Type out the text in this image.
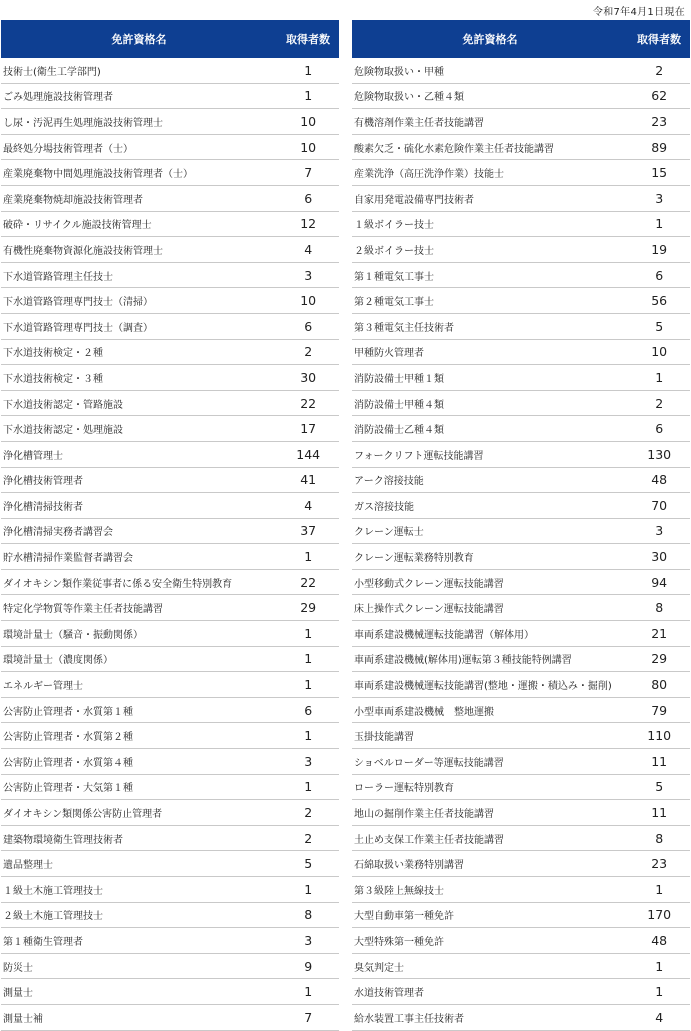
令和7年4月1日現在
免許資格名	取得者数
技術士(衛生工学部門)	1
ごみ処理施設技術管理者	1
し尿・汚泥再生処理施設技術管理士	10
最終処分場技術管理者（士）	10
産業廃棄物中間処理施設技術管理者（士）	7
産業廃棄物焼却施設技術管理者	6
破砕・リサイクル施設技術管理士	12
有機性廃棄物資源化施設技術管理士	4
下水道管路管理主任技士	3
下水道管路管理専門技士（清掃）	10
下水道管路管理専門技士（調査）	6
下水道技術検定・２種	2
下水道技術検定・３種	30
下水道技術認定・管路施設	22
下水道技術認定・処理施設	17
浄化槽管理士	144
浄化槽技術管理者	41
浄化槽清掃技術者	4
浄化槽清掃実務者講習会	37
貯水槽清掃作業監督者講習会	1
ダイオキシン類作業従事者に係る安全衛生特別教育	22
特定化学物質等作業主任者技能講習	29
環境計量士（騒音・振動関係）	1
環境計量士（濃度関係）	1
エネルギー管理士	1
公害防止管理者・水質第１種	6
公害防止管理者・水質第２種	1
公害防止管理者・水質第４種	3
公害防止管理者・大気第１種	1
ダイオキシン類関係公害防止管理者	2
建築物環境衛生管理技術者	2
遺品整理士	5
１級土木施工管理技士	1
２級土木施工管理技士	8
第１種衛生管理者	3
防災士	9
測量士	1
測量士補	7
免許資格名	取得者数
危険物取扱い・甲種	2
危険物取扱い・乙種４類	62
有機溶剤作業主任者技能講習	23
酸素欠乏・硫化水素危険作業主任者技能講習	89
産業洗浄（高圧洗浄作業）技能士	15
自家用発電設備専門技術者	3
１級ボイラー技士	1
２級ボイラー技士	19
第１種電気工事士	6
第２種電気工事士	56
第３種電気主任技術者	5
甲種防火管理者	10
消防設備士甲種１類	1
消防設備士甲種４類	2
消防設備士乙種４類	6
フォークリフト運転技能講習	130
アーク溶接技能	48
ガス溶接技能	70
クレーン運転士	3
クレーン運転業務特別教育	30
小型移動式クレーン運転技能講習	94
床上操作式クレーン運転技能講習	8
車両系建設機械運転技能講習（解体用）	21
車両系建設機械(解体用)運転第３種技能特例講習	29
車両系建設機械運転技能講習(整地・運搬・積込み・掘削)	80
小型車両系建設機械　整地運搬	79
玉掛技能講習	110
ショベルローダー等運転技能講習	11
ローラー運転特別教育	5
地山の掘削作業主任者技能講習	11
土止め支保工作業主任者技能講習	8
石綿取扱い業務特別講習	23
第３級陸上無線技士	1
大型自動車第一種免許	170
大型特殊第一種免許	48
臭気判定士	1
水道技術管理者	1
給水装置工事主任技術者	4
